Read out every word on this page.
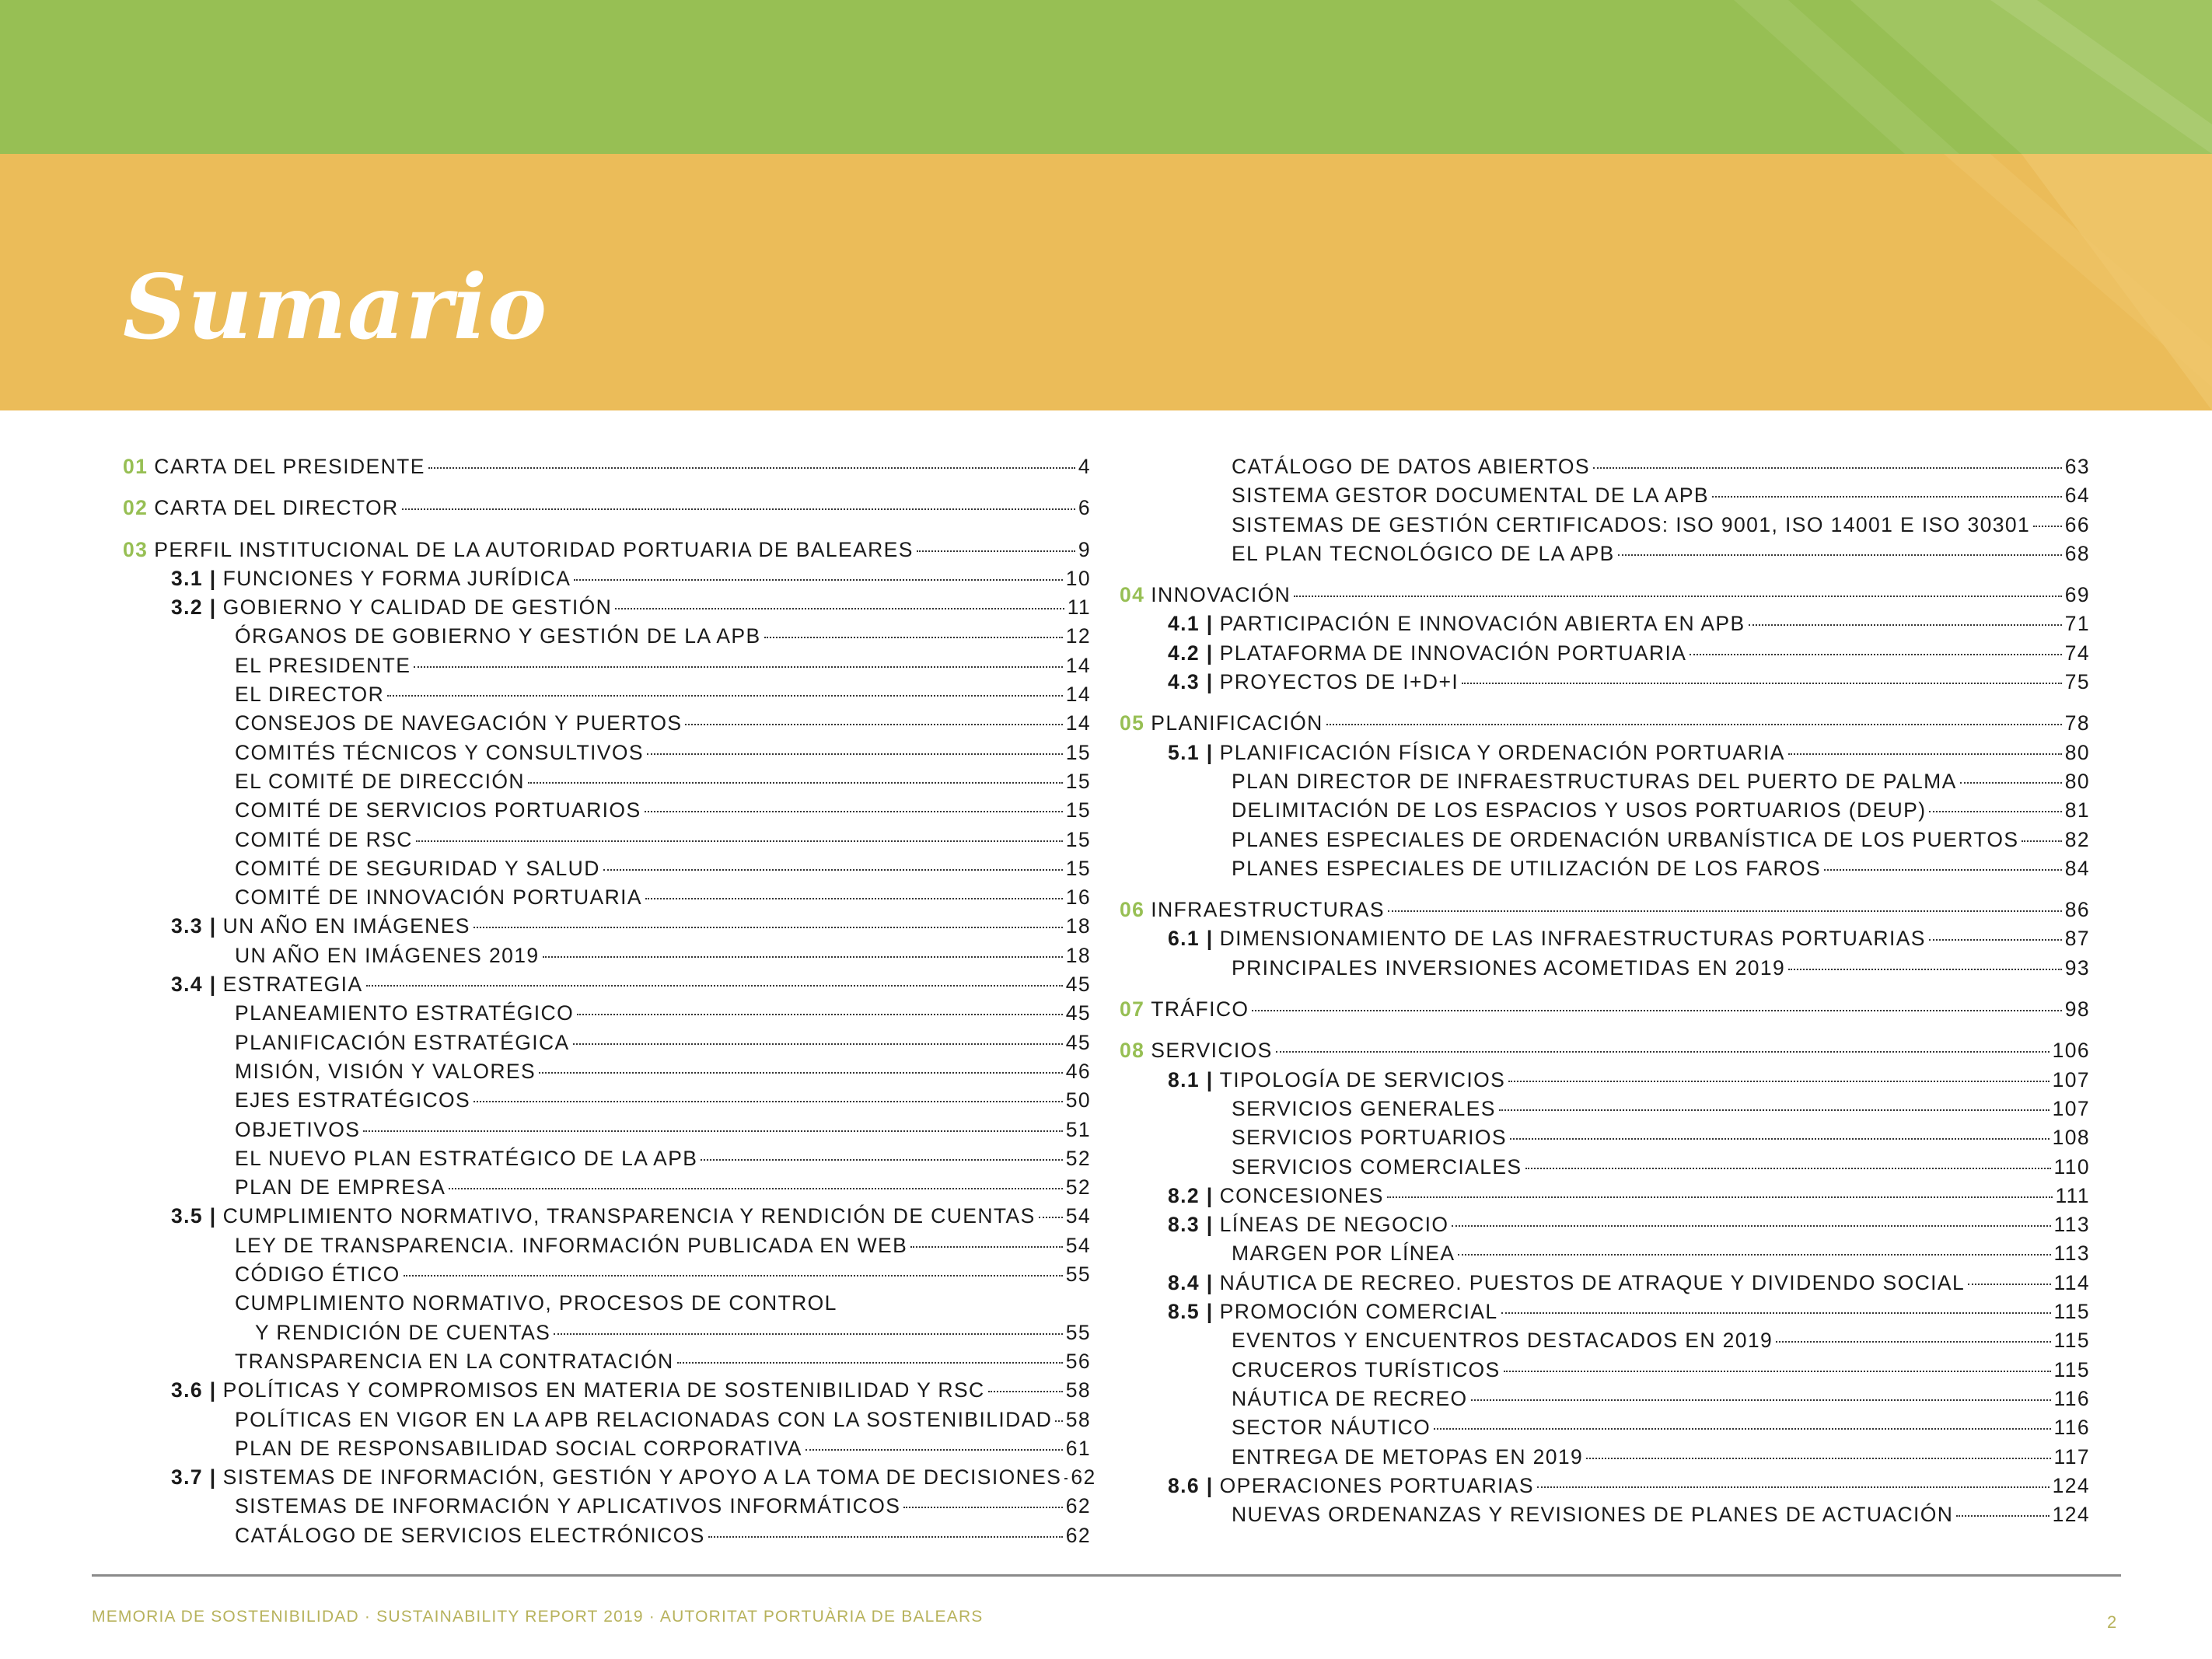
Sumario
01 CARTA DEL PRESIDENTE	4
02 CARTA DEL DIRECTOR	6
03 PERFIL INSTITUCIONAL DE LA AUTORIDAD PORTUARIA DE BALEARES	9
3.1 | FUNCIONES Y FORMA JURÍDICA	10
3.2 | GOBIERNO Y CALIDAD DE GESTIÓN	11
ÓRGANOS DE GOBIERNO Y GESTIÓN DE LA APB	12
EL PRESIDENTE	14
EL DIRECTOR	14
CONSEJOS DE NAVEGACIÓN Y PUERTOS	14
COMITÉS TÉCNICOS Y CONSULTIVOS	15
EL COMITÉ DE DIRECCIÓN	15
COMITÉ DE SERVICIOS PORTUARIOS	15
COMITÉ DE RSC	15
COMITÉ DE SEGURIDAD Y SALUD	15
COMITÉ DE INNOVACIÓN PORTUARIA	16
3.3 | UN AÑO EN IMÁGENES	18
UN AÑO EN IMÁGENES 2019	18
3.4 | ESTRATEGIA	45
PLANEAMIENTO ESTRATÉGICO	45
PLANIFICACIÓN ESTRATÉGICA	45
MISIÓN, VISIÓN Y VALORES	46
EJES ESTRATÉGICOS	50
OBJETIVOS	51
EL NUEVO PLAN ESTRATÉGICO DE LA APB	52
PLAN DE EMPRESA	52
3.5 | CUMPLIMIENTO NORMATIVO, TRANSPARENCIA Y RENDICIÓN DE CUENTAS 54
LEY DE TRANSPARENCIA. INFORMACIÓN PUBLICADA EN WEB	54
CÓDIGO ÉTICO	55
CUMPLIMIENTO NORMATIVO, PROCESOS DE CONTROL
Y RENDICIÓN DE CUENTAS	55
TRANSPARENCIA EN LA CONTRATACIÓN	56
3.6 | POLÍTICAS Y COMPROMISOS EN MATERIA DE SOSTENIBILIDAD Y RSC	58
POLÍTICAS EN VIGOR EN LA APB RELACIONADAS CON LA SOSTENIBILIDAD 58
PLAN DE RESPONSABILIDAD SOCIAL CORPORATIVA	61
3.7 | SISTEMAS DE INFORMACIÓN, GESTIÓN Y APOYO A LA TOMA DE DECISIONES 62
SISTEMAS DE INFORMACIÓN Y APLICATIVOS INFORMÁTICOS	62
CATÁLOGO DE SERVICIOS ELECTRÓNICOS	62
CATÁLOGO DE DATOS ABIERTOS	63
SISTEMA GESTOR DOCUMENTAL DE LA APB	64
SISTEMAS DE GESTIÓN CERTIFICADOS: ISO 9001, ISO 14001 E ISO 30301 66
EL PLAN TECNOLÓGICO DE LA APB	68
04 INNOVACIÓN	69
4.1 | PARTICIPACIÓN E INNOVACIÓN ABIERTA EN APB	71
4.2 | PLATAFORMA DE INNOVACIÓN PORTUARIA	74
4.3 | PROYECTOS DE I+D+I	75
05 PLANIFICACIÓN	78
5.1 | PLANIFICACIÓN FÍSICA Y ORDENACIÓN PORTUARIA	80
PLAN DIRECTOR DE INFRAESTRUCTURAS DEL PUERTO DE PALMA	80
DELIMITACIÓN DE LOS ESPACIOS Y USOS PORTUARIOS (DEUP)	81
PLANES ESPECIALES DE ORDENACIÓN URBANÍSTICA DE LOS PUERTOS 82
PLANES ESPECIALES DE UTILIZACIÓN DE LOS FAROS	84
06 INFRAESTRUCTURAS	86
6.1 | DIMENSIONAMIENTO DE LAS INFRAESTRUCTURAS PORTUARIAS	87
PRINCIPALES INVERSIONES ACOMETIDAS EN 2019	93
07 TRÁFICO	98
08 SERVICIOS	106
8.1 | TIPOLOGÍA DE SERVICIOS	107
SERVICIOS GENERALES	107
SERVICIOS PORTUARIOS	108
SERVICIOS COMERCIALES	110
8.2 | CONCESIONES	111
8.3 | LÍNEAS DE NEGOCIO	113
MARGEN POR LÍNEA	113
8.4 | NÁUTICA DE RECREO. PUESTOS DE ATRAQUE Y DIVIDENDO SOCIAL	114
8.5 | PROMOCIÓN COMERCIAL	115
EVENTOS Y ENCUENTROS DESTACADOS EN 2019	115
CRUCEROS TURÍSTICOS	115
NÁUTICA DE RECREO	116
SECTOR NÁUTICO	116
ENTREGA DE METOPAS EN 2019	117
8.6 | OPERACIONES PORTUARIAS	124
NUEVAS ORDENANZAS Y REVISIONES DE PLANES DE ACTUACIÓN	124
MEMORIA DE SOSTENIBILIDAD · SUSTAINABILITY REPORT 2019 · AUTORITAT PORTUÀRIA DE BALEARS	2
